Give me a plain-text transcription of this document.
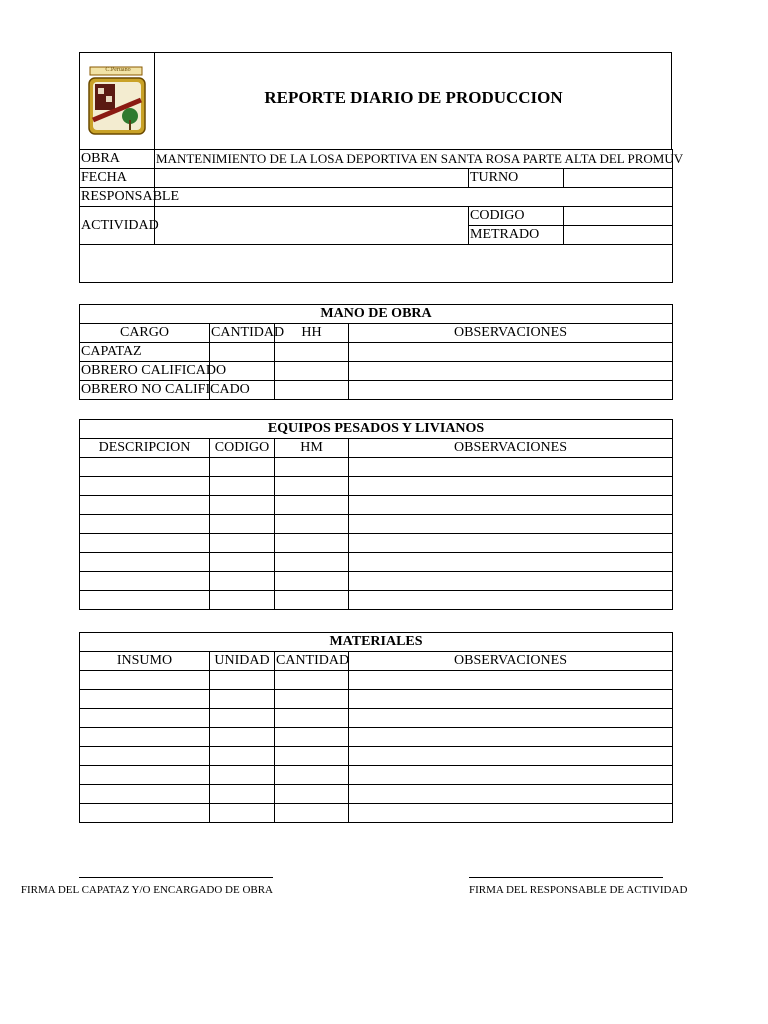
C.Peruano
REPORTE DIARIO DE PRODUCCION
OBRA	MANTENIMIENTO DE LA LOSA DEPORTIVA EN SANTA ROSA PARTE ALTA DEL PROMUV		
FECHA		TURNO	
RESPONSABLE			
ACTIVIDAD		CODIGO	
		METRADO	

MANO DE OBRA			
CARGO	CANTIDAD	HH	OBSERVACIONES
CAPATAZ			
OBRERO CALIFICADO			
OBRERO NO CALIFICADO			
EQUIPOS PESADOS Y LIVIANOS			
DESCRIPCION	CODIGO	HM	OBSERVACIONES

MATERIALES			
INSUMO	UNIDAD	CANTIDAD	OBSERVACIONES

FIRMA DEL CAPATAZ Y/O ENCARGADO DE OBRA	FIRMA DEL RESPONSABLE DE ACTIVIDAD
